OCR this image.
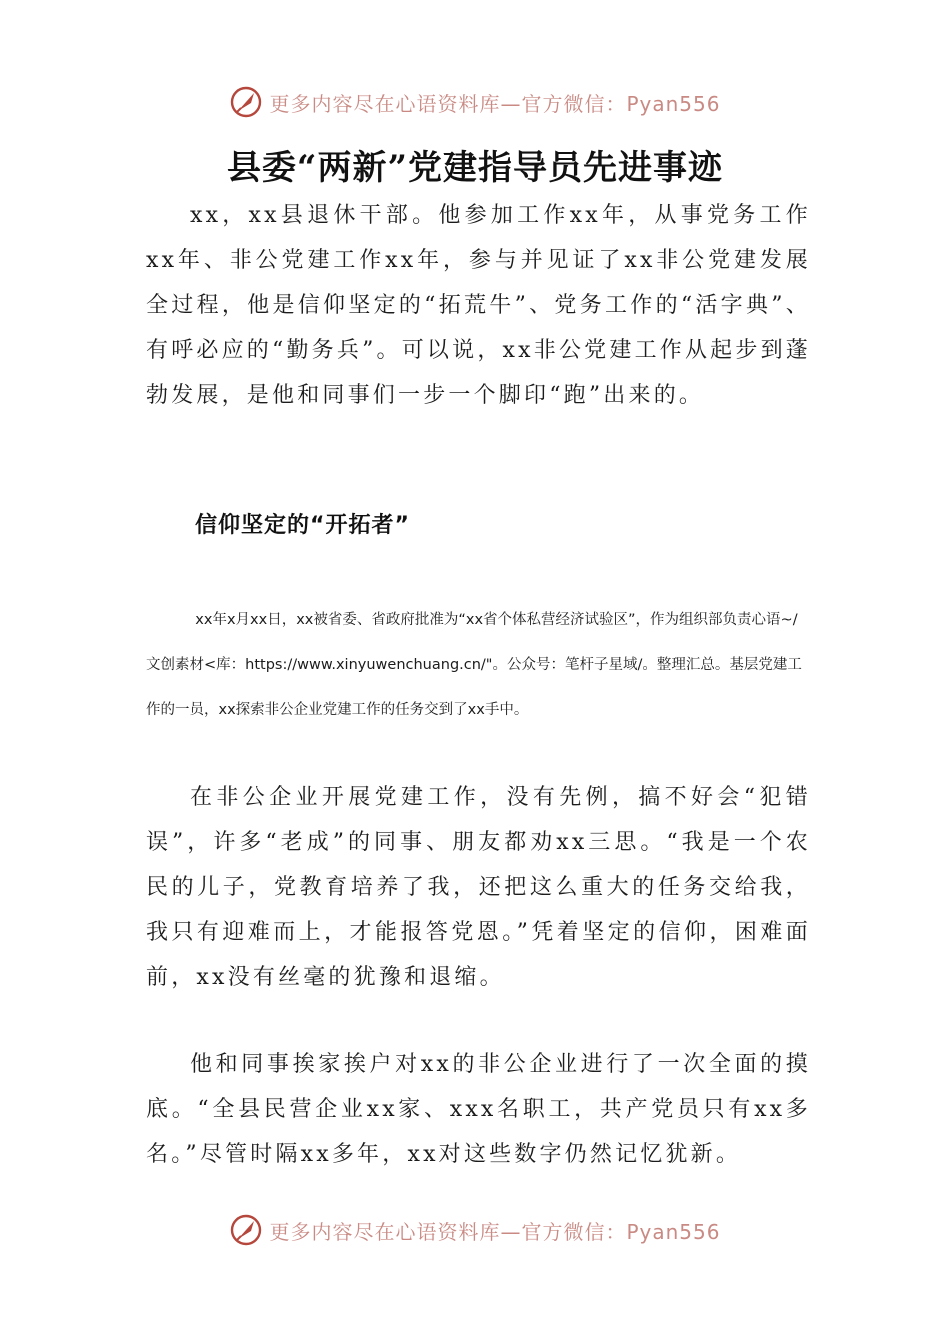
更多内容尽在心语资料库—官方微信：Pyan556
县委“两新”党建指导员先进事迹

xx，xx县退休干部。他参加工作xx年，从事党务工作xx年、非公党建工作xx年，参与并见证了xx非公党建发展全过程，他是信仰坚定的“拓荒牛”、党务工作的“活字典”、有呼必应的“勤务兵”。可以说，xx非公党建工作从起步到蓬勃发展，是他和同事们一步一个脚印“跑”出来的。

信仰坚定的“开拓者”

xx年x月xx日，xx被省委、省政府批准为“xx省个体私营经济试验区”，作为组织部负责心语~/文创素材<库：https://www.xinyuwenchuang.cn/"。公众号：笔杆子星域/。整理汇总。基层党建工作的一员，xx探索非公企业党建工作的任务交到了xx手中。

在非公企业开展党建工作，没有先例，搞不好会“犯错误”，许多“老成”的同事、朋友都劝xx三思。“我是一个农民的儿子，党教育培养了我，还把这么重大的任务交给我，我只有迎难而上，才能报答党恩。”凭着坚定的信仰，困难面前，xx没有丝毫的犹豫和退缩。

他和同事挨家挨户对xx的非公企业进行了一次全面的摸底。“全县民营企业xx家、xxx名职工，共产党员只有xx多名。”尽管时隔xx多年，xx对这些数字仍然记忆犹新。

更多内容尽在心语资料库—官方微信：Pyan556
